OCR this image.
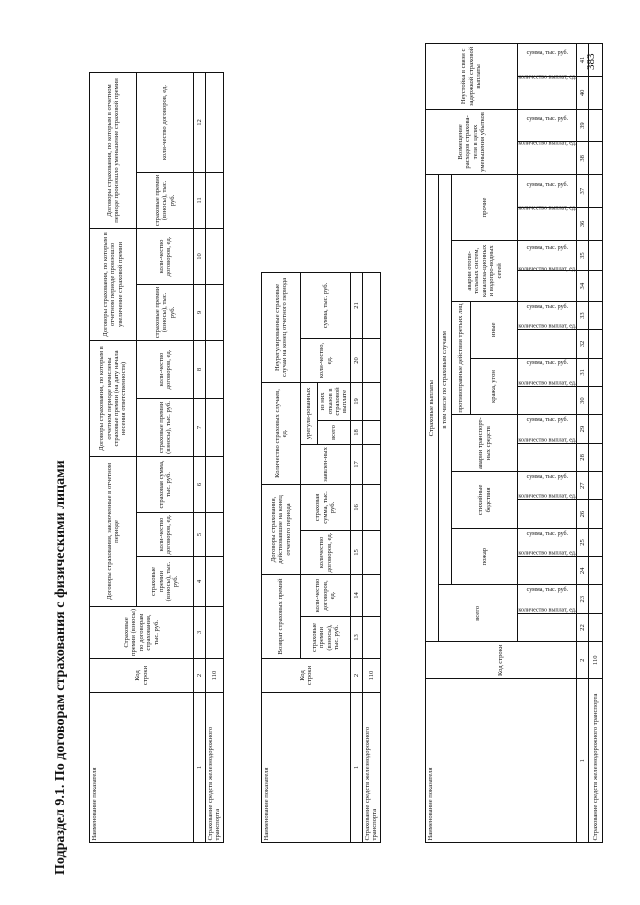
383
Подраздел 9.1. По договорам страхования с физическими лицами	Наименование показателя	Код строки	Страховые премии (взносы) по договорам страхования, тыс. руб.	Договоры страхования, заключенные в отчетном периоде			Договоры страхования, по которым в отчетном периоде начислены страховые премии (на дату начала несения ответственности)		Договоры страхования, по которым в отчетном периоде произошло увеличение страховой премии		Договоры страхования, по которым в отчетном периоде произошло уменьшение страховой премии	
			страховые премии (взносы), тыс. руб.	коли-чество договоров, ед.	страховая сумма, тыс. руб.	страховые премии (взносы), тыс. руб.	коли-чество договоров, ед.	страховые премии (взносы), тыс. руб.	коли-чество договоров, ед.	страховые премии (взносы), тыс. руб.	коли-чество договоров, ед.
1	2	3	4	5	6	7	8	9	10	11	12
Страхование средств железнодорожного транспорта	110										
Наименование показателя	Код строки	Возврат страховых премий		Договоры страхования, действовавшие на конец отчетного периода		Количество страховых случаев, ед.			Неурегулированные страховые случаи на конец отчетного периода	
		страховые премии (взносы), тыс. руб.	коли-чество договоров, ед.	количество договоров, ед.	страховая сумма, тыс. руб.	заявлен-ных	урегули-рованных		коли-чество, ед.	сумма, тыс. руб.
							всего	из них отказов в страховой выплате		
1	2	13	14	15	16	17	18	19	20	21
Страхование средств железнодорожного транспорта	110									
Наименование показателя	Код строки	Страховые выплаты																Возмещение расходов страхова-теля в целях уменьшения убытков		Неустойка в связи с задержкой страховой выплаты	
		всего		в том числе по страховым случаям																	
				пожар		стихийные бедствия		аварии транспорт-ных средств		противоправные действия третьих лиц				аварии отопи-тельных систем, канализа-ционных и водопро-водных сетей		прочие					
										кража, угон		иные									
		количество выплат, ед.	сумма, тыс. руб.	количество выплат, ед.	сумма, тыс. руб.	количество выплат, ед.	сумма, тыс. руб.	количество выплат, ед.	сумма, тыс. руб.	количество выплат, ед.	сумма, тыс. руб.	количество выплат, ед.	сумма, тыс. руб.	количество выплат, ед.	сумма, тыс. руб.	количество выплат, ед.	сумма, тыс. руб.	количество выплат, ед.	сумма, тыс. руб.	количество выплат, ед.	сумма, тыс. руб.
1	2	22	23	24	25	26	27	28	29	30	31	32	33	34	35	36	37	38	39	40	41
Страхование средств железнодорожного транспорта	110																				
